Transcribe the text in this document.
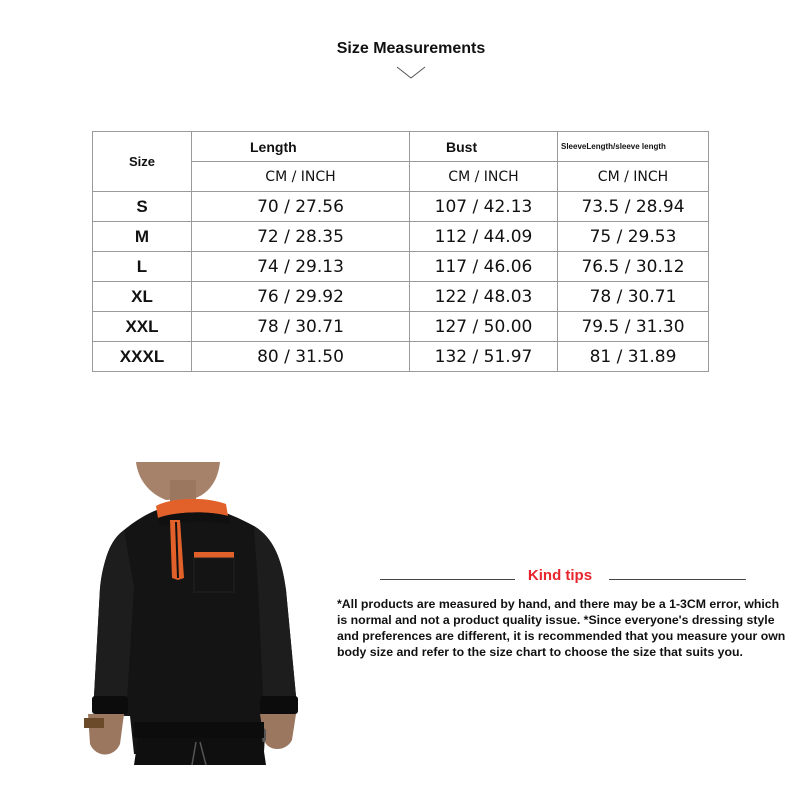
Size Measurements
Size	Length	Bust	SleeveLength/sleeve length
	CM / INCH	CM / INCH	CM / INCH
S	70 / 27.56	107 / 42.13	73.5 / 28.94
M	72 / 28.35	112 / 44.09	75 / 29.53
L	74 / 29.13	117 / 46.06	76.5 / 30.12
XL	76 / 29.92	122 / 48.03	78 / 30.71
XXL	78 / 30.71	127 / 50.00	79.5 / 31.30
XXXL	80 / 31.50	132 / 51.97	81 / 31.89
Kind tips
*All products are measured by hand, and there may be a 1-3CM error, which is normal and not a product quality issue. *Since everyone's dressing style and preferences are different, it is recommended that you measure your own body size and refer to the size chart to choose the size that suits you.
